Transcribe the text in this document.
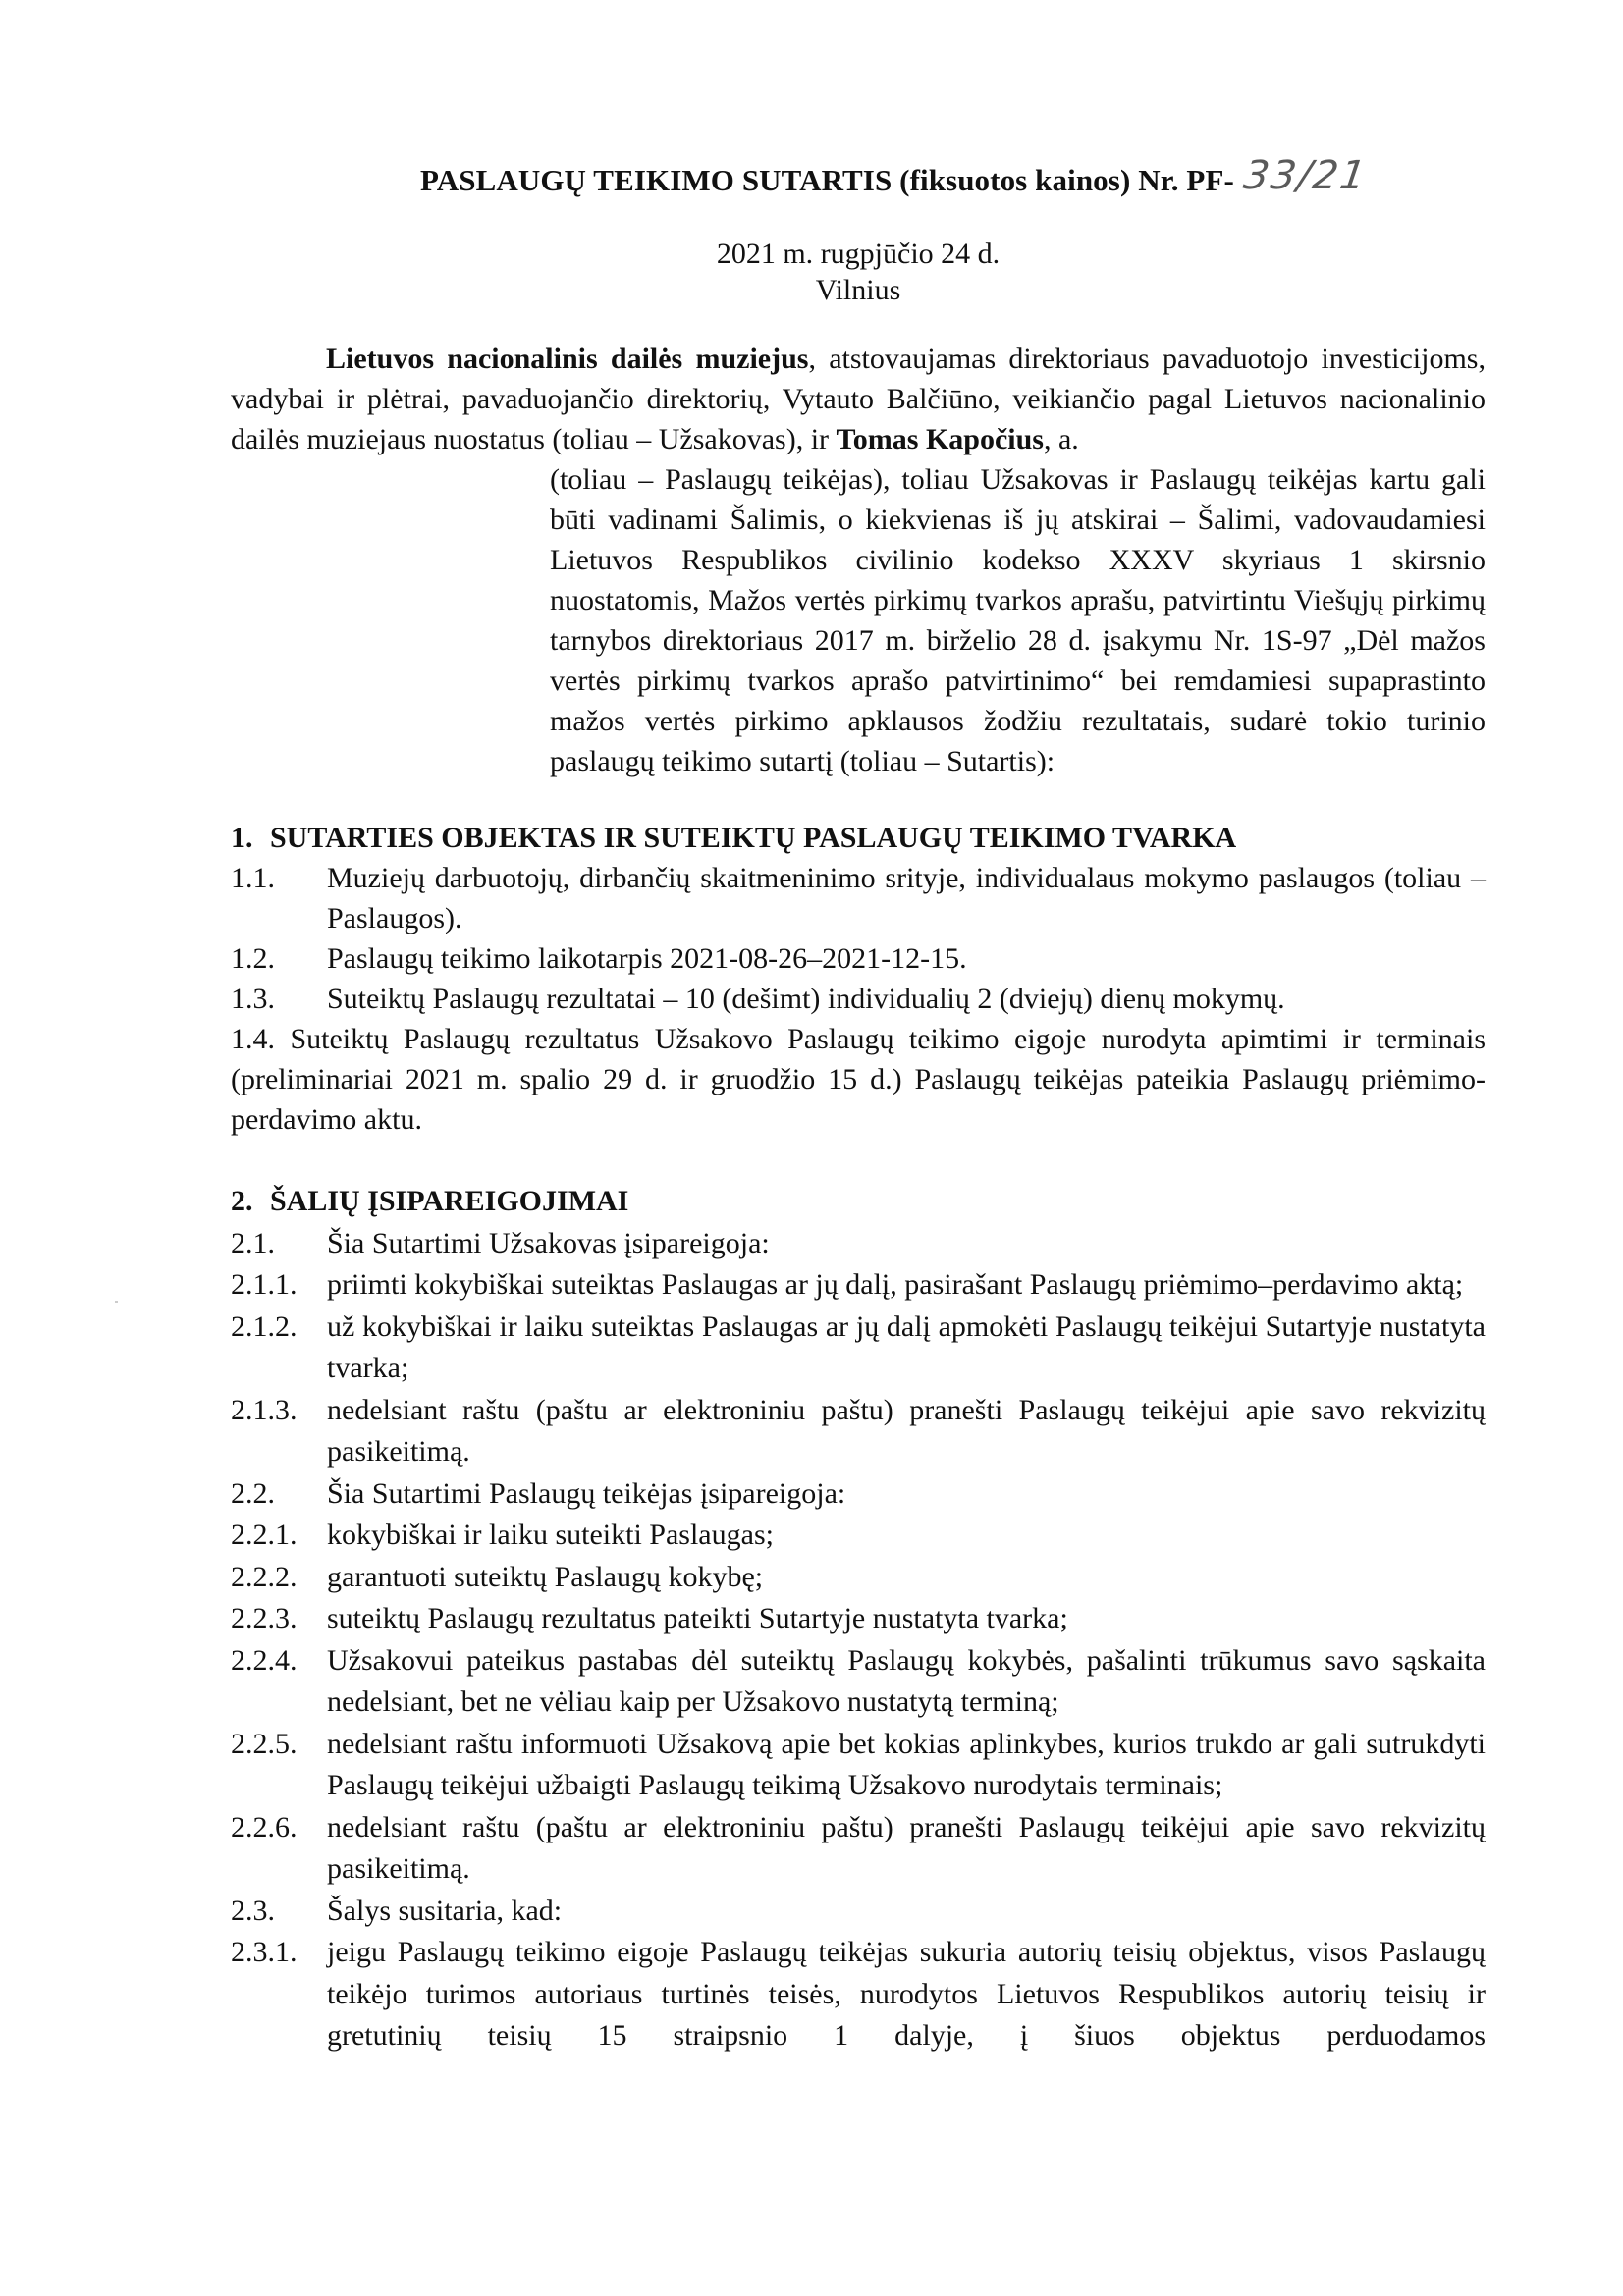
PASLAUGŲ TEIKIMO SUTARTIS (fiksuotos kainos) Nr. PF- 33/21
2021 m. rugpjūčio 24 d.
Vilnius

Lietuvos nacionalinis dailės muziejus, atstovaujamas direktoriaus pavaduotojo investicijoms, vadybai ir plėtrai, pavaduojančio direktorių, Vytauto Balčiūno, veikiančio pagal Lietuvos nacionalinio dailės muziejaus nuostatus (toliau – Užsakovas), ir Tomas Kapočius, a.

(toliau – Paslaugų teikėjas), toliau Užsakovas ir Paslaugų teikėjas kartu gali būti vadinami Šalimis, o kiekvienas iš jų atskirai – Šalimi, vadovaudamiesi Lietuvos Respublikos civilinio kodekso XXXV skyriaus 1 skirsnio nuostatomis, Mažos vertės pirkimų tvarkos aprašu, patvirtintu Viešųjų pirkimų tarnybos direktoriaus 2017 m. birželio 28 d. įsakymu Nr. 1S-97 „Dėl mažos vertės pirkimų tvarkos aprašo patvirtinimo“ bei remdamiesi supaprastinto mažos vertės pirkimo apklausos žodžiu rezultatais, sudarė tokio turinio paslaugų teikimo sutartį (toliau – Sutartis):

1. SUTARTIES OBJEKTAS IR SUTEIKTŲ PASLAUGŲ TEIKIMO TVARKA

1.1.	Muziejų darbuotojų, dirbančių skaitmeninimo srityje, individualaus mokymo paslaugos (toliau – Paslaugos).
1.2.	Paslaugų teikimo laikotarpis 2021-08-26–2021-12-15.
1.3.	Suteiktų Paslaugų rezultatai – 10 (dešimt) individualių 2 (dviejų) dienų mokymų.

1.4. Suteiktų Paslaugų rezultatus Užsakovo Paslaugų teikimo eigoje nurodyta apimtimi ir terminais (preliminariai 2021 m. spalio 29 d. ir gruodžio 15 d.) Paslaugų teikėjas pateikia Paslaugų priėmimo-perdavimo aktu.

2. ŠALIŲ ĮSIPAREIGOJIMAI

2.1.	Šia Sutartimi Užsakovas įsipareigoja:
2.1.1.	priimti kokybiškai suteiktas Paslaugas ar jų dalį, pasirašant Paslaugų priėmimo–perdavimo aktą;
2.1.2.	už kokybiškai ir laiku suteiktas Paslaugas ar jų dalį apmokėti Paslaugų teikėjui Sutartyje nustatyta tvarka;
2.1.3.	nedelsiant raštu (paštu ar elektroniniu paštu) pranešti Paslaugų teikėjui apie savo rekvizitų pasikeitimą.
2.2.	Šia Sutartimi Paslaugų teikėjas įsipareigoja:
2.2.1.	kokybiškai ir laiku suteikti Paslaugas;
2.2.2.	garantuoti suteiktų Paslaugų kokybę;
2.2.3.	suteiktų Paslaugų rezultatus pateikti Sutartyje nustatyta tvarka;
2.2.4.	Užsakovui pateikus pastabas dėl suteiktų Paslaugų kokybės, pašalinti trūkumus savo sąskaita nedelsiant, bet ne vėliau kaip per Užsakovo nustatytą terminą;
2.2.5.	nedelsiant raštu informuoti Užsakovą apie bet kokias aplinkybes, kurios trukdo ar gali sutrukdyti Paslaugų teikėjui užbaigti Paslaugų teikimą Užsakovo nurodytais terminais;
2.2.6.	nedelsiant raštu (paštu ar elektroniniu paštu) pranešti Paslaugų teikėjui apie savo rekvizitų pasikeitimą.
2.3.	Šalys susitaria, kad:
2.3.1.	jeigu Paslaugų teikimo eigoje Paslaugų teikėjas sukuria autorių teisių objektus, visos Paslaugų teikėjo turimos autoriaus turtinės teisės, nurodytos Lietuvos Respublikos autorių teisių ir gretutinių teisių 15 straipsnio 1 dalyje, į šiuos objektus perduodamos
